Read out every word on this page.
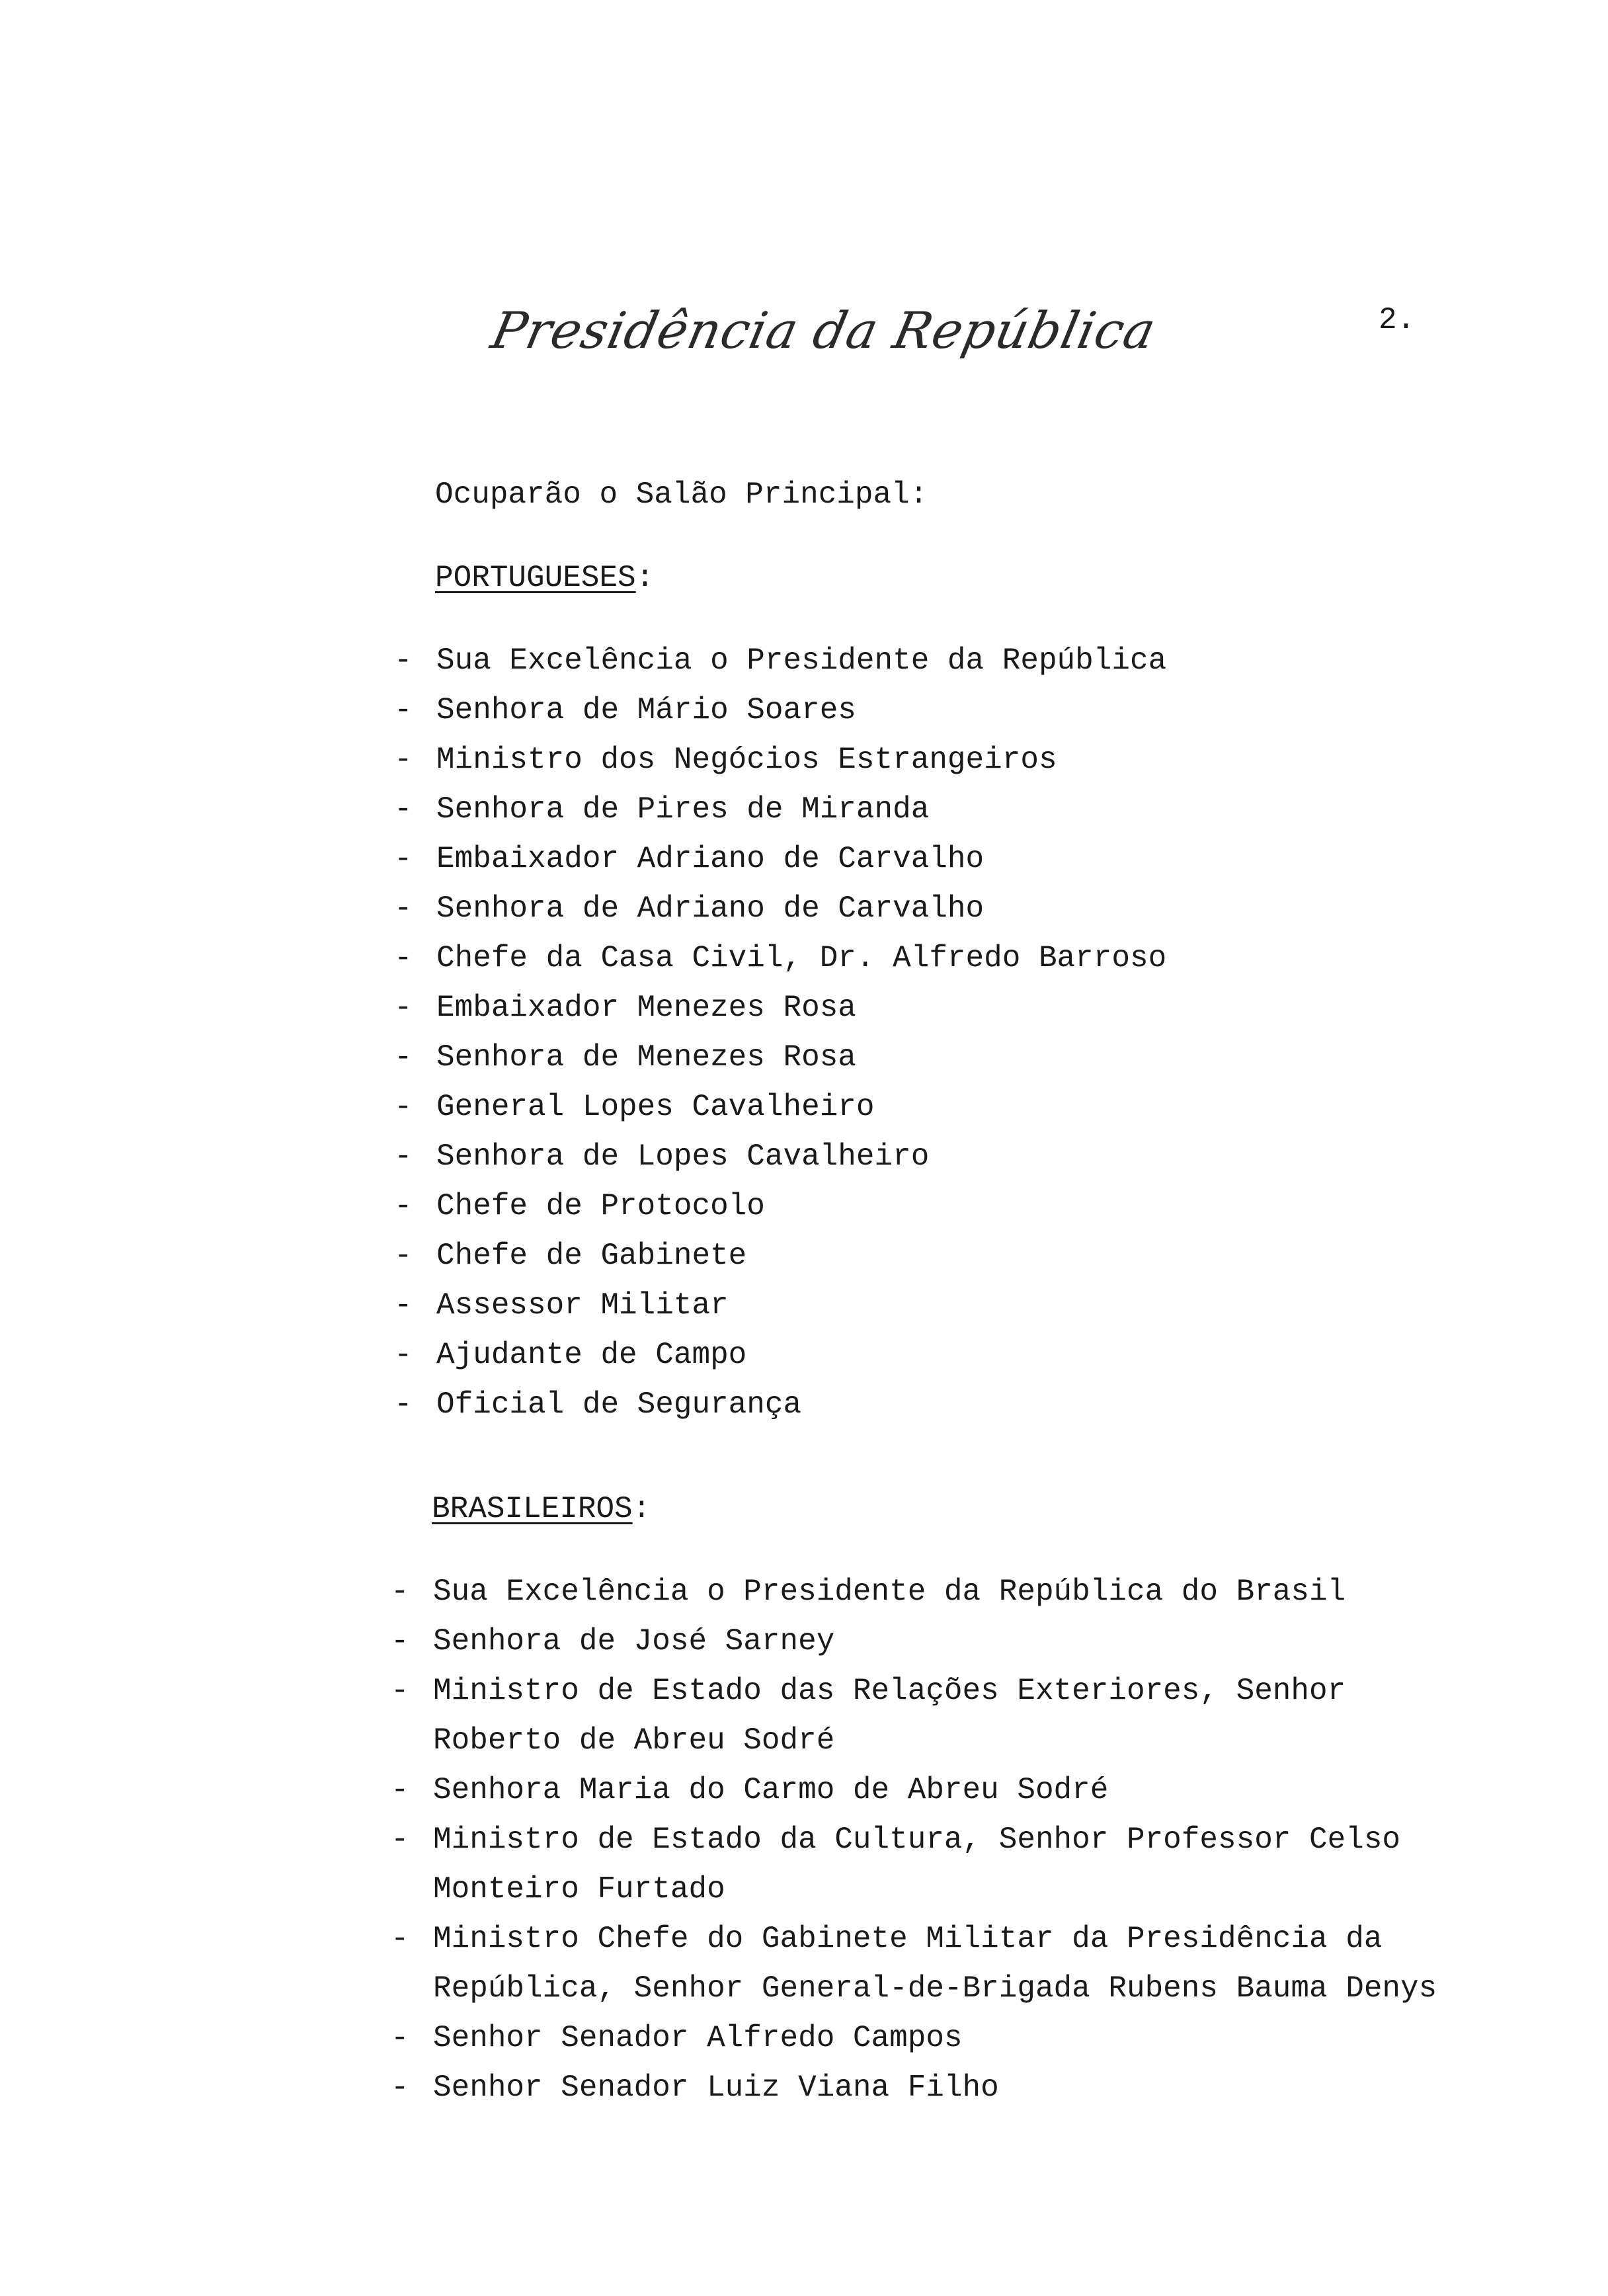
Presidência da República	2.
Ocuparão o Salão Principal:
PORTUGUESES:
- Sua Excelência o Presidente da República
- Senhora de Mário Soares
- Ministro dos Negócios Estrangeiros
- Senhora de Pires de Miranda
- Embaixador Adriano de Carvalho
- Senhora de Adriano de Carvalho
- Chefe da Casa Civil, Dr. Alfredo Barroso
- Embaixador Menezes Rosa
- Senhora de Menezes Rosa
- General Lopes Cavalheiro
- Senhora de Lopes Cavalheiro
- Chefe de Protocolo
- Chefe de Gabinete
- Assessor Militar
- Ajudante de Campo
- Oficial de Segurança
BRASILEIROS:
- Sua Excelência o Presidente da República do Brasil
- Senhora de José Sarney
- Ministro de Estado das Relações Exteriores, Senhor
Roberto de Abreu Sodré
- Senhora Maria do Carmo de Abreu Sodré
- Ministro de Estado da Cultura, Senhor Professor Celso
Monteiro Furtado
- Ministro Chefe do Gabinete Militar da Presidência da
República, Senhor General-de-Brigada Rubens Bauma Denys
- Senhor Senador Alfredo Campos
- Senhor Senador Luiz Viana Filho
